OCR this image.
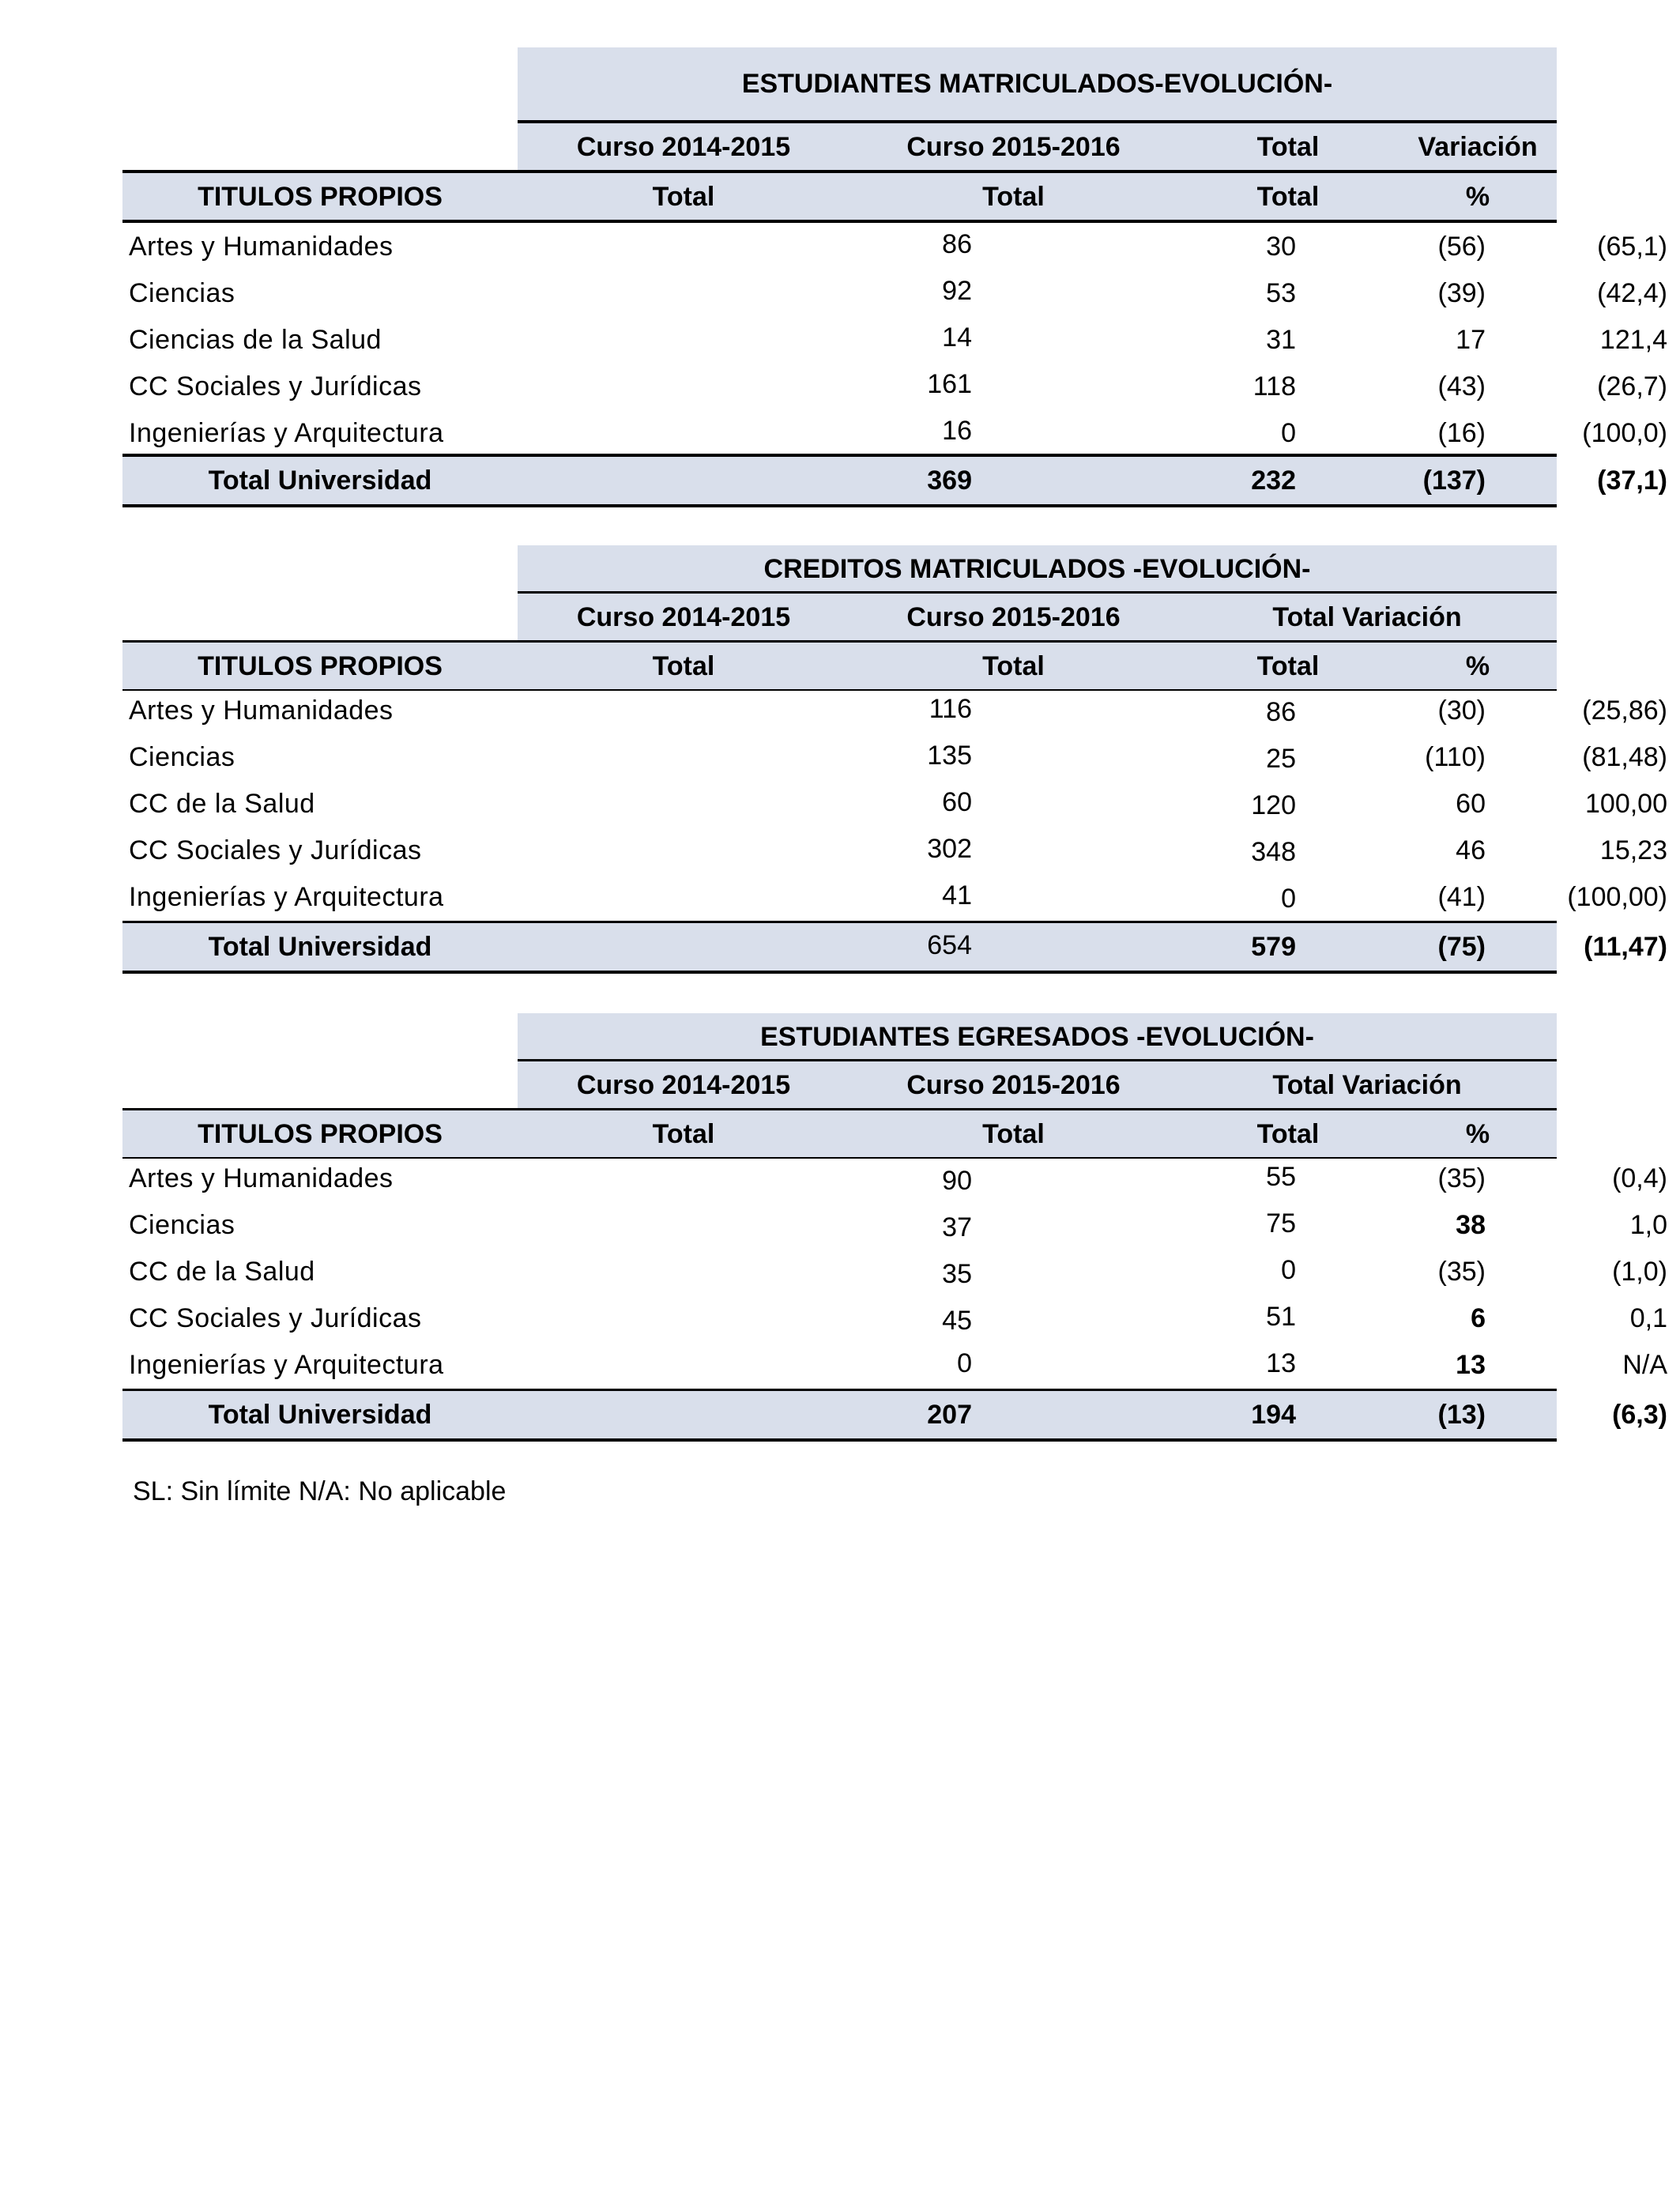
ESTUDIANTES MATRICULADOS-EVOLUCIÓN-
Curso 2014-2015	Curso 2015-2016	Total	Variación
TITULOS PROPIOS	Total	Total	Total	%
Artes y Humanidades	86	30	(56)	(65,1)
Ciencias	92	53	(39)	(42,4)
Ciencias de la Salud	14	31	17	121,4
CC Sociales y Jurídicas	161	118	(43)	(26,7)
Ingenierías y Arquitectura	16	0	(16)	(100,0)
Total Universidad	369	232	(137)	(37,1)
CREDITOS MATRICULADOS -EVOLUCIÓN-
Curso 2014-2015	Curso 2015-2016	Total Variación
TITULOS PROPIOS	Total	Total	Total	%
Artes y Humanidades	116	86	(30)	(25,86)
Ciencias	135	25	(110)	(81,48)
CC de la Salud	60	120	60	100,00
CC Sociales y Jurídicas	302	348	46	15,23
Ingenierías y Arquitectura	41	0	(41)	(100,00)
Total Universidad	654	579	(75)	(11,47)
ESTUDIANTES EGRESADOS -EVOLUCIÓN-
Curso 2014-2015	Curso 2015-2016	Total Variación
TITULOS PROPIOS	Total	Total	Total	%
Artes y Humanidades	90	55	(35)	(0,4)
Ciencias	37	75	38	1,0
CC de la Salud	35	0	(35)	(1,0)
CC Sociales y Jurídicas	45	51	6	0,1
Ingenierías y Arquitectura	0	13	13	N/A
Total Universidad	207	194	(13)	(6,3)
SL: Sin límite N/A: No aplicable
